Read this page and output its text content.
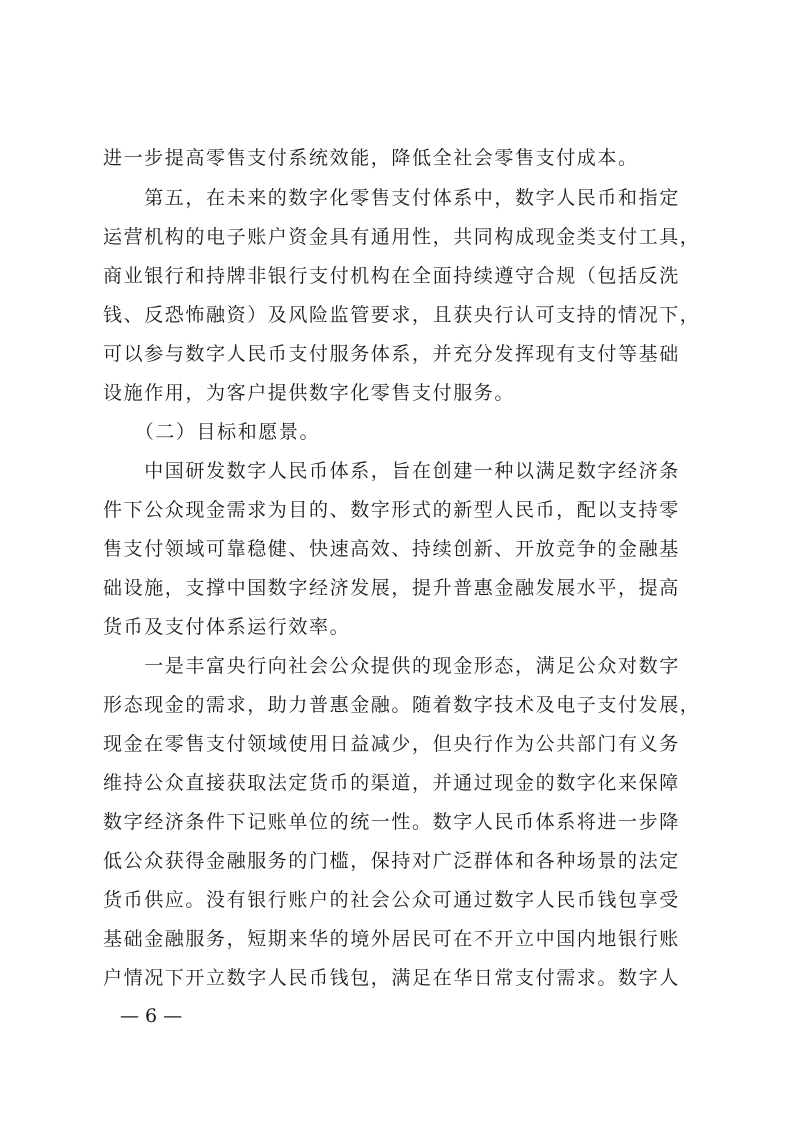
进一步提高零售支付系统效能，降低全社会零售支付成本。
　　第五，在未来的数字化零售支付体系中，数字人民币和指定
运营机构的电子账户资金具有通用性，共同构成现金类支付工具，
商业银行和持牌非银行支付机构在全面持续遵守合规（包括反洗
钱、反恐怖融资）及风险监管要求，且获央行认可支持的情况下，
可以参与数字人民币支付服务体系，并充分发挥现有支付等基础
设施作用，为客户提供数字化零售支付服务。
　　（二）目标和愿景。
　　中国研发数字人民币体系，旨在创建一种以满足数字经济条
件下公众现金需求为目的、数字形式的新型人民币，配以支持零
售支付领域可靠稳健、快速高效、持续创新、开放竞争的金融基
础设施，支撑中国数字经济发展，提升普惠金融发展水平，提高
货币及支付体系运行效率。
　　一是丰富央行向社会公众提供的现金形态，满足公众对数字
形态现金的需求，助力普惠金融。随着数字技术及电子支付发展，
现金在零售支付领域使用日益减少，但央行作为公共部门有义务
维持公众直接获取法定货币的渠道，并通过现金的数字化来保障
数字经济条件下记账单位的统一性。数字人民币体系将进一步降
低公众获得金融服务的门槛，保持对广泛群体和各种场景的法定
货币供应。没有银行账户的社会公众可通过数字人民币钱包享受
基础金融服务，短期来华的境外居民可在不开立中国内地银行账
户情况下开立数字人民币钱包，满足在华日常支付需求。数字人
— 6 —
